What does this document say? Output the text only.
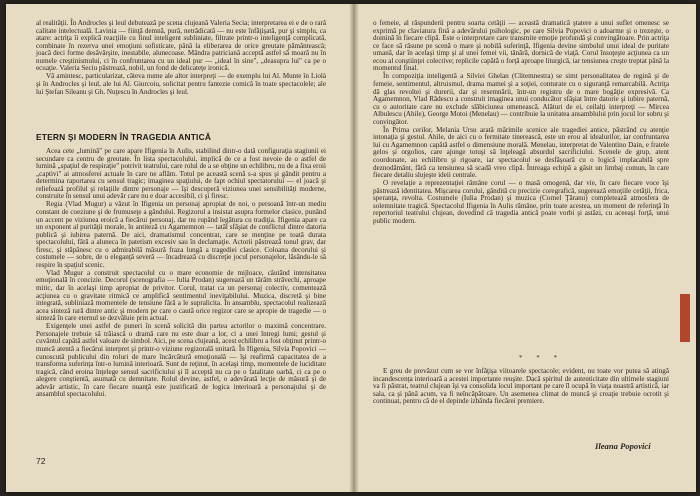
al realităţii. În Androcles şi leul debutează pe scena clujeană Valeria Secia; interpretarea ei e de o rară calitate intelectuală. Lavinia — fiinţă demnă, pură, netrădicată — nu este înfăţişată, pur şi simplu, ca atare: actriţa îi explică reacţiile cu finul inteligent subliniate, filtrate printr-o inteligenţă complicată, combinate în rezerva unei emoţiuni sofisticate, până la eliberarea de orice greutate pământească; joacă deci forme desăvârşite, inestabile, alunecoase. Mândra patriciană acceptă astfel să moară nu în numele creştinismului, ci în confruntarea cu un ideal pur — „ideal în sine", „deasupra lui" ca pe o ecuaţie. Valeria Seciu păstrează, nobil, un fond de delicateţe ironică.

Vă amintesc, particularizat, câteva nume ale altor interpreţi — de exemplu lui Al. Munte în Liolà şi în Androcles şi leul, ale lui Al. Giurcoiu, solicitat pentru fantezie comică în toate spectacolele; ale lui Ştefan Sileanu şi Gh. Nuţescu în Androcles şi leul.

ETERN ŞI MODERN ÎN TRAGEDIA ANTICĂ

Acea cete „lumină" pe care apare Ifigenia în Aulis, stabilind dintr-o dată configuraţia stagiunii ei secundare ca centru de greutate. În lista spectacolului, implică de ce a fost nevoie de o astfel de lumină „spaţiul de respiraţie" potrivit teatrului, care rolul de a se obţine un echilibru, nu de a fixa eroii „captivi" ai atmosferei actuale în care ne aflăm. Totul pe această scenă s-a spus şi gândit pentru a determina raportarea cu sensul tragic; imaginea spaţiului, de fapt ochiul spectatorului — el joacă şi reliefează profilul şi relaţiile dintre personaje — îşi descoperă viziunea unei sensibilităţi moderne, construite în sensul unui adevăr care nu e doar accesibil, ci şi firesc.

Regia (Vlad Mugur) a văzut în Ifigenia un personaj apropiat de noi, o persoană într-un mediu constant de coeziune şi de frumuseţe a gândului. Regizorul a insistat asupra formelor clasice, punând un accent pe viziunea eroică a fiecărui personaj, dar nu rupând legătura cu tradiţia. Ifigenia apare ca un exponent al purităţii morale, în antiteză cu Agamemnon — tatăl sfâşiat de conflictul dintre datoria publică şi iubirea paternă. De aici, dramatismul concentrat, care se menţine pe toată durata spectacolului, fără a aluneca în patetism excesiv sau în declamaţie. Actorii păstrează tonul grav, dar firesc, şi stăpânesc cu o admirabilă măsură fraza lungă a tragediei clasice. Coloana decorului şi costumele — sobre, de o eleganţă severă — încadrează cu discreţie jocul personajelor, lăsându-le să respire în spaţiul scenic.

Vlad Mugur a construit spectacolul cu o mare economie de mijloace, căutând intensitatea emoţională în concizie. Decorul (scenografia — Iulia Prodan) sugerează un târâm străvechi, aproape mitic, dar în acelaşi timp apropiat de privitor. Corul, tratat ca un personaj colectiv, comentează acţiunea cu o gravitate ritmică ce amplifică sentimentul inevitabilului. Muzica, discretă şi bine integrată, subliniază momentele de tensiune fără a le supralicita. În ansamblu, spectacolul realizează acea sinteză rară dintre antic şi modern pe care o caută orice regizor care se apropie de tragedie — o sinteză în care eternul se dezvăluie prin actual.

Exigenţele unei astfel de puneri în scenă solicită din partea actorilor o maximă concentrare. Personajele trebuie să trăiască o dramă care nu este doar a lor, ci a unei întregi lumi; gestul şi cuvântul capătă astfel valoare de simbol. Aici, pe scena clujeană, acest echilibru a fost obţinut printr-o muncă atentă a fiecărui interpret şi printr-o viziune regizorală unitară. În Ifigenia, Silvia Popovici — cunoscută publicului din roluri de mare încărcătură emoţională — îşi reafirmă capacitatea de a transforma suferinţa într-o lumină interioară. Sunt de reţinut, în acelaşi timp, momentele de luciditate tragică, când eroina înţelege sensul sacrificiului şi îl acceptă nu ca pe o fatalitate oarbă, ci ca pe o alegere conştientă, asumată cu demnitate. Rolul devine, astfel, o adevărată lecţie de măsură şi de adevăr artistic, în care fiecare nuanţă este justificată de logica interioară a personajului şi de ansamblul spectacolului.

72

o femeie, al răspunderii pentru soarta cetăţii — această dramatică ştatere a unui suflet omenesc se exprimă pe claviatura fină a adevărului psihologic, pe care Silvia Popovici o adoarme şi o trezeşte, o domină în fiecare clipă. Este o interpretare care transmite emoţie profundă şi convingătoare. Prin actriţa ce face să răsune pe scenă o mare şi nobilă suferinţă, Ifigenia devine simbolul unui ideal de puritate umană, dar în acelaşi timp şi al unei femei vii, tânără, dornică de viaţă. Corul însoţeşte acţiunea ca un ecou al conştiinţei colective; replicile capătă o forţă aproape liturgică, iar tensiunea creşte treptat până la momentul final.

În compoziţia inteligentă a Silviei Ghelan (Clitemnestra) se simt personalitatea de regină şi de femeie, sentimentul, altruismul, drama mamei şi a soţiei, conturate cu o siguranţă remarcabilă. Actriţa dă glas revoltei şi durerii, dar şi resemnării, într-un registru de o mare bogăţie expresivă. Ca Agamemnon, Vlad Rădescu a construit imaginea unui conducător sfâşiat între datorie şi iubire paternă, cu o autoritate care nu exclude slăbiciunea omenească. Alături de ei, ceilalţi interpreţi — Mircea Albulescu (Ahile), George Motoi (Menelau) — contribuie la unitatea ansamblului prin jocul lor sobru şi convingător.

În Prima cerilor, Melania Ursu arată mărimile scenice ale tragediei antice, păstrând cu atenţie intonaţia şi gestul. Ahile, de aici cu o fermitate tinerească, este un erou al idealurilor, iar confruntarea lui cu Agamemnon capătă astfel o dimensiune morală. Menelau, interpretat de Valentino Dain, e fratele gelos şi orgolios, care ajunge totuşi să înţeleagă absurdul sacrificiului. Scenele de grup, atent coordonate, au echilibru şi rigoare, iar spectacolul se desfăşoară cu o logică implacabilă spre deznodământ, fără ca tensiunea să scadă vreo clipă. Întreaga echipă a găsit un limbaj comun, în care fiecare detaliu slujeşte ideii centrale.

O revelaţie a reprezentaţiei rămâne corul — o masă omogenă, dar vie, în care fiecare voce îşi păstrează identitatea. Mişcarea corului, gândită cu precizie coregrafică, sugerează emoţiile cetăţii, frica, speranţa, revolta. Costumele (Iulia Prodan) şi muzica (Cornel Ţăranu) completează atmosfera de solemnitate tragică. Spectacolul Ifigenia în Aulis rămâne, prin toate acestea, un moment de referinţă în repertoriul teatrului clujean, dovedind că tragedia antică poate vorbi şi astăzi, cu aceeaşi forţă, unui public modern.

* * *

E greu de prevăzut cum se vor înfăţişa viitoarele spectacole; evident, nu toate vor putea să atingă incandescenţa interioară a acestei importante reuşite. Dacă spiritul de autenticitate din ultimele stagiuni va fi păstrat, teatrul clujean îşi va consolida locul important pe care îl ocupă în viaţa noastră artistică, iar sala, ca şi până acum, va fi neîncăpătoare. Un asemenea climat de muncă şi creaţie trebuie ocrotit şi continuat, pentru că de el depinde izbânda fiecărei premiere.

Ileana Popovici
